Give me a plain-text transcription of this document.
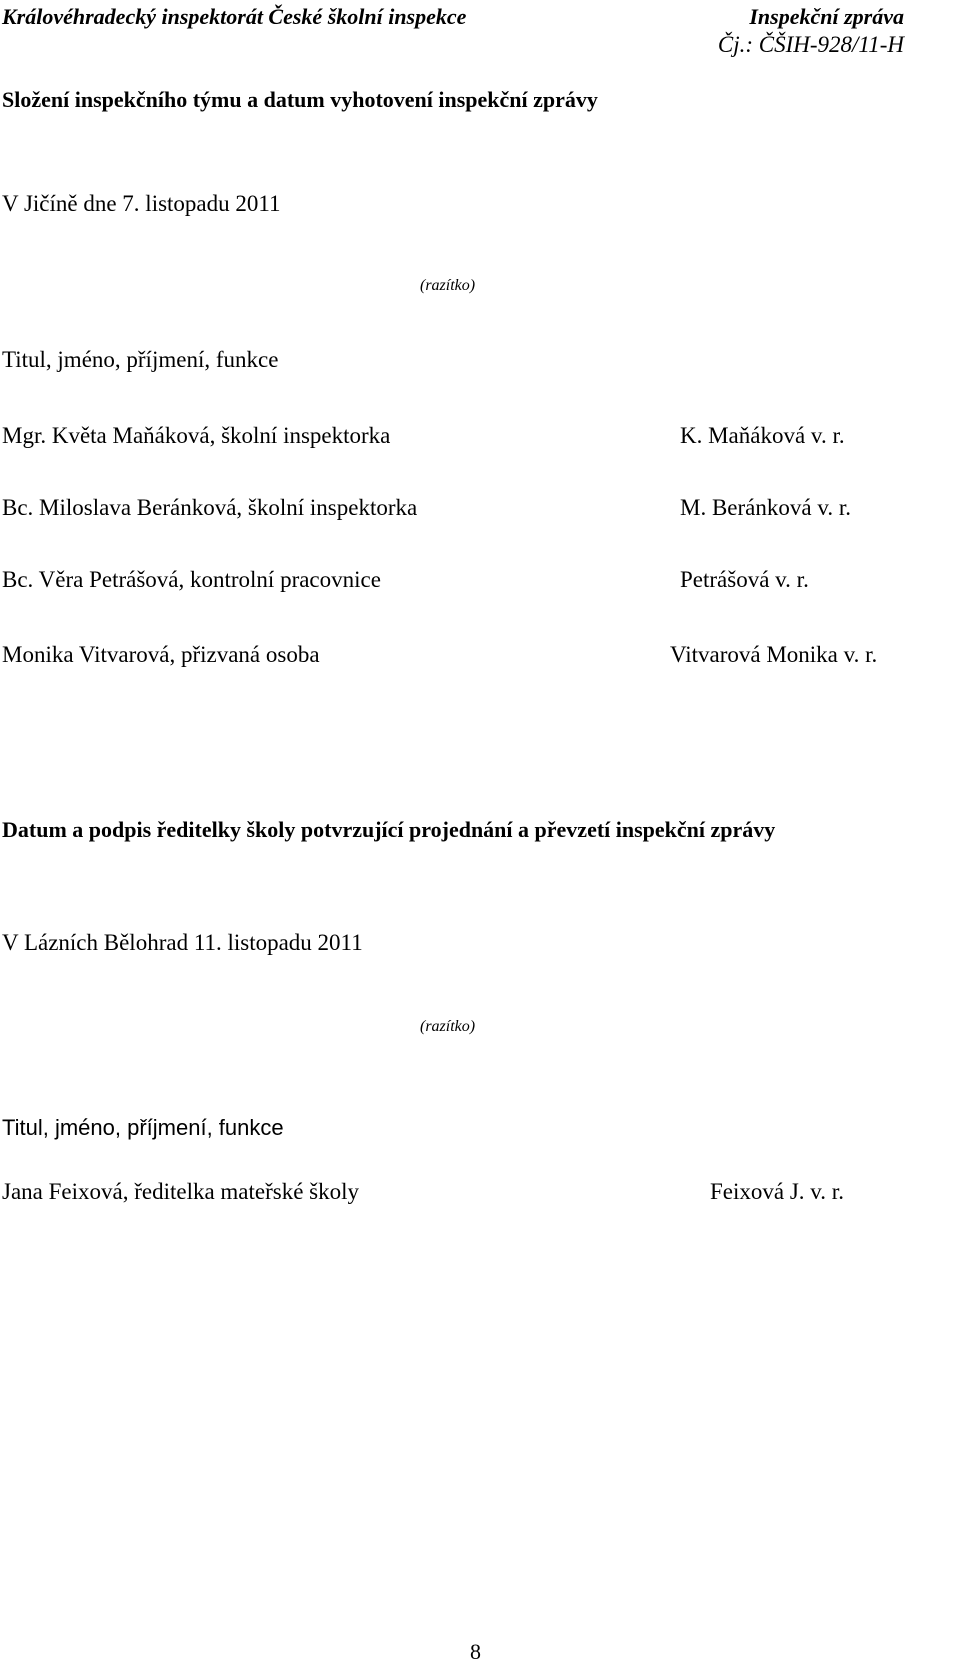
Královéhradecký inspektorát České školní inspekce	Inspekční zpráva
Čj.: ČŠIH-928/11-H
Složení inspekčního týmu a datum vyhotovení inspekční zprávy
V Jičíně dne 7. listopadu 2011
(razítko)
Titul, jméno, příjmení, funkce
Mgr. Květa Maňáková, školní inspektorka	K. Maňáková v. r.
Bc. Miloslava Beránková, školní inspektorka	M. Beránková v. r.
Bc. Věra Petrášová, kontrolní pracovnice	Petrášová v. r.
Monika Vitvarová, přizvaná osoba	Vitvarová Monika v. r.
Datum a podpis ředitelky školy potvrzující projednání a převzetí inspekční zprávy
V Lázních Bělohrad 11. listopadu 2011
(razítko)
Titul, jméno, příjmení, funkce
Jana Feixová, ředitelka mateřské školy	Feixová J. v. r.
8
